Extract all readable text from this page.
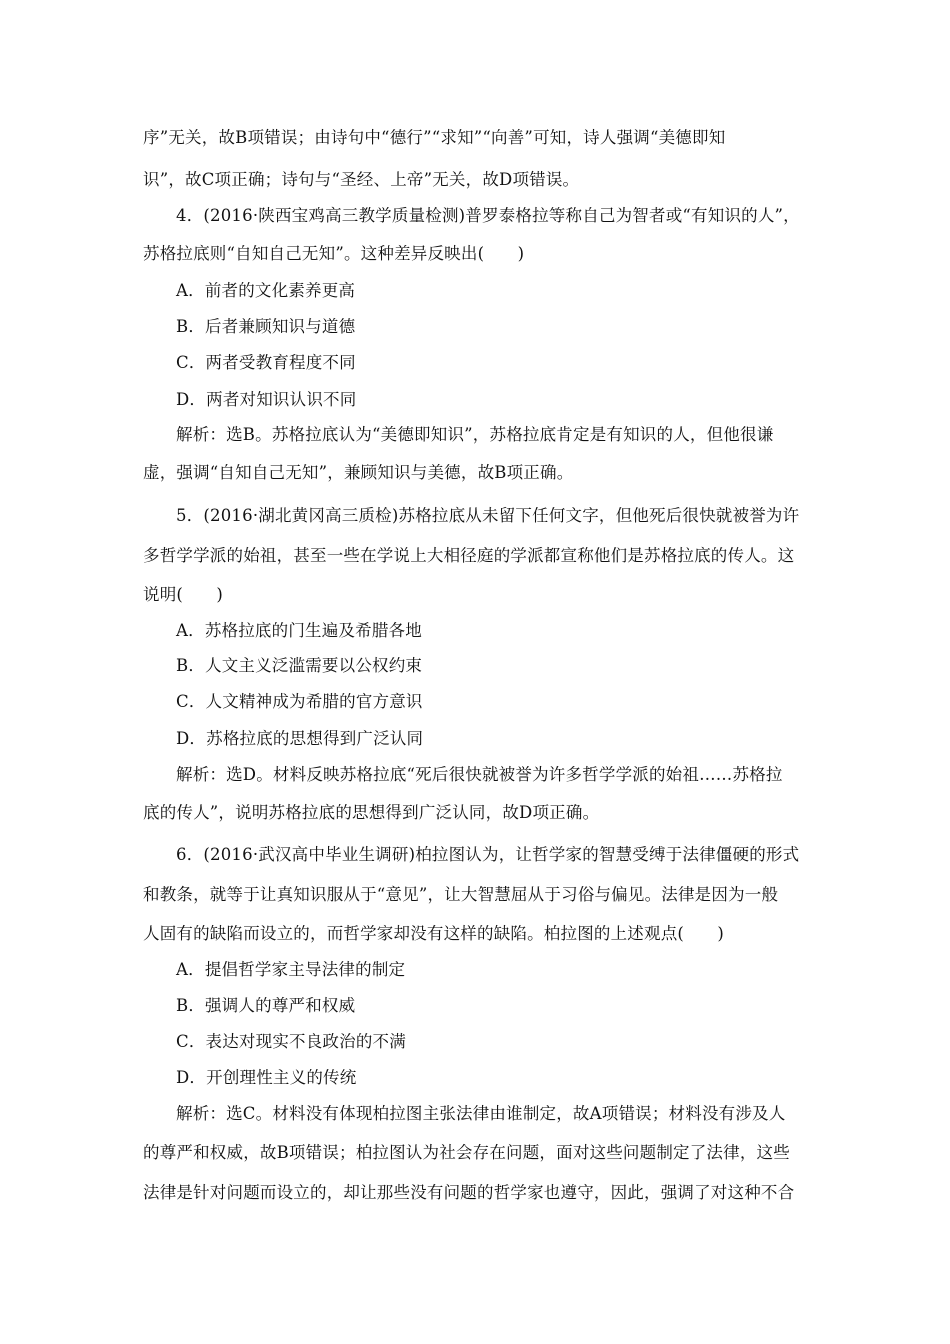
序”无关，故B项错误；由诗句中“德行”“求知”“向善”可知，诗人强调“美德即知
识”，故C项正确；诗句与“圣经、上帝”无关，故D项错误。
4．(2016·陕西宝鸡高三教学质量检测)普罗泰格拉等称自己为智者或“有知识的人”，
苏格拉底则“自知自己无知”。这种差异反映出(　　)
A．前者的文化素养更高
B．后者兼顾知识与道德
C．两者受教育程度不同
D．两者对知识认识不同
解析：选B。苏格拉底认为“美德即知识”，苏格拉底肯定是有知识的人，但他很谦
虚，强调“自知自己无知”，兼顾知识与美德，故B项正确。
5．(2016·湖北黄冈高三质检)苏格拉底从未留下任何文字，但他死后很快就被誉为许
多哲学学派的始祖，甚至一些在学说上大相径庭的学派都宣称他们是苏格拉底的传人。这
说明(　　)
A．苏格拉底的门生遍及希腊各地
B．人文主义泛滥需要以公权约束
C．人文精神成为希腊的官方意识
D．苏格拉底的思想得到广泛认同
解析：选D。材料反映苏格拉底“死后很快就被誉为许多哲学学派的始祖……苏格拉
底的传人”，说明苏格拉底的思想得到广泛认同，故D项正确。
6．(2016·武汉高中毕业生调研)柏拉图认为，让哲学家的智慧受缚于法律僵硬的形式
和教条，就等于让真知识服从于“意见”，让大智慧屈从于习俗与偏见。法律是因为一般
人固有的缺陷而设立的，而哲学家却没有这样的缺陷。柏拉图的上述观点(　　)
A．提倡哲学家主导法律的制定
B．强调人的尊严和权威
C．表达对现实不良政治的不满
D．开创理性主义的传统
解析：选C。材料没有体现柏拉图主张法律由谁制定，故A项错误；材料没有涉及人
的尊严和权威，故B项错误；柏拉图认为社会存在问题，面对这些问题制定了法律，这些
法律是针对问题而设立的，却让那些没有问题的哲学家也遵守，因此，强调了对这种不合
